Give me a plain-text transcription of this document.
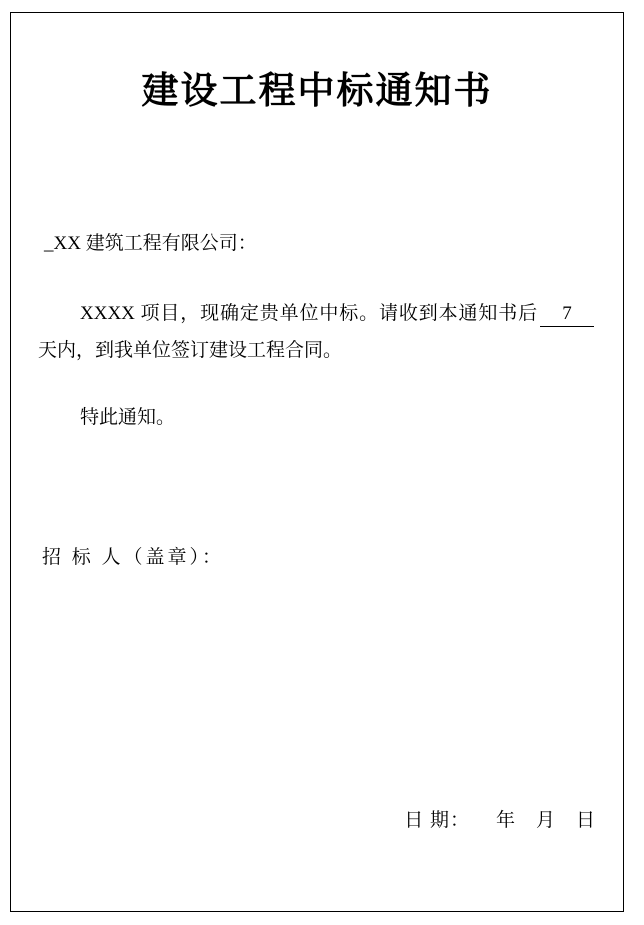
建设工程中标通知书

_XX 建筑工程有限公司：

XXXX 项目，现确定贵单位中标。请收到本通知书后 7天内，到我单位签订建设工程合同。

特此通知。

招 标 人（盖章）：

日 期： 年 月 日
